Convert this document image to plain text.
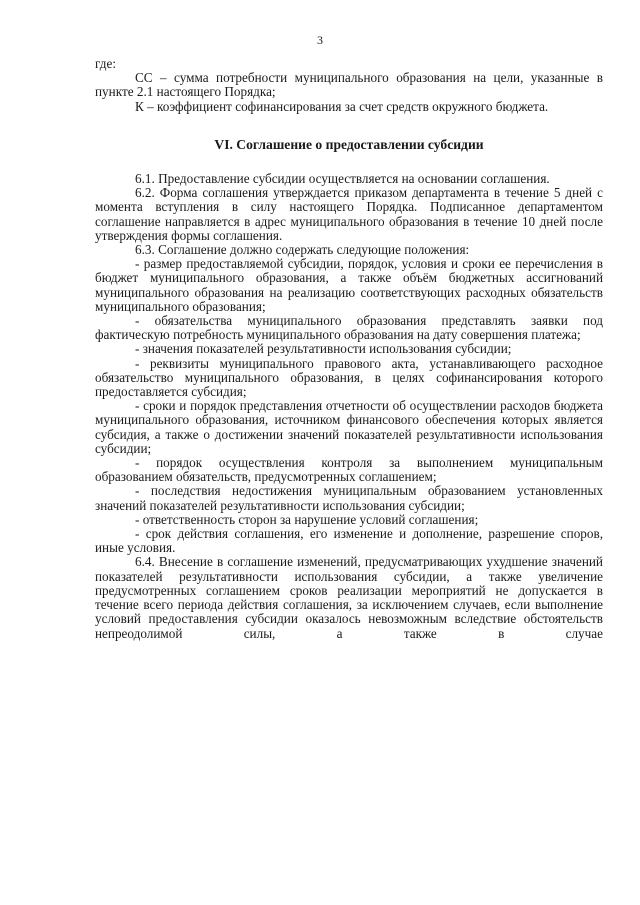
3

где:

СС – сумма потребности муниципального образования на цели, указанные в пункте 2.1 настоящего Порядка;

К – коэффициент софинансирования за счет средств окружного бюджета.

VI. Соглашение о предоставлении субсидии

6.1. Предоставление субсидии осуществляется на основании соглашения.

6.2. Форма соглашения утверждается приказом департамента в течение 5 дней с момента вступления в силу настоящего Порядка. Подписанное департаментом соглашение направляется в адрес муниципального образования в течение 10 дней после утверждения формы соглашения.

6.3. Соглашение должно содержать следующие положения:

- размер предоставляемой субсидии, порядок, условия и сроки ее перечисления в бюджет муниципального образования, а также объём бюджетных ассигнований муниципального образования на реализацию соответствующих расходных обязательств муниципального образования;

- обязательства муниципального образования представлять заявки под фактическую потребность муниципального образования на дату совершения платежа;

- значения показателей результативности использования субсидии;

- реквизиты муниципального правового акта, устанавливающего расходное обязательство муниципального образования, в целях софинансирования которого предоставляется субсидия;

- сроки и порядок представления отчетности об осуществлении расходов бюджета муниципального образования, источником финансового обеспечения которых является субсидия, а также о достижении значений показателей результативности использования субсидии;

- порядок осуществления контроля за выполнением муниципальным образованием обязательств, предусмотренных соглашением;

- последствия недостижения муниципальным образованием установленных значений показателей результативности использования субсидии;

- ответственность сторон за нарушение условий соглашения;

- срок действия соглашения, его изменение и дополнение, разрешение споров, иные условия.

6.4. Внесение в соглашение изменений, предусматривающих ухудшение значений показателей результативности использования субсидии, а также увеличение предусмотренных соглашением сроков реализации мероприятий не допускается в течение всего периода действия соглашения, за исключением случаев, если выполнение условий предоставления субсидии оказалось невозможным вследствие обстоятельств непреодолимой силы, а также в случае
